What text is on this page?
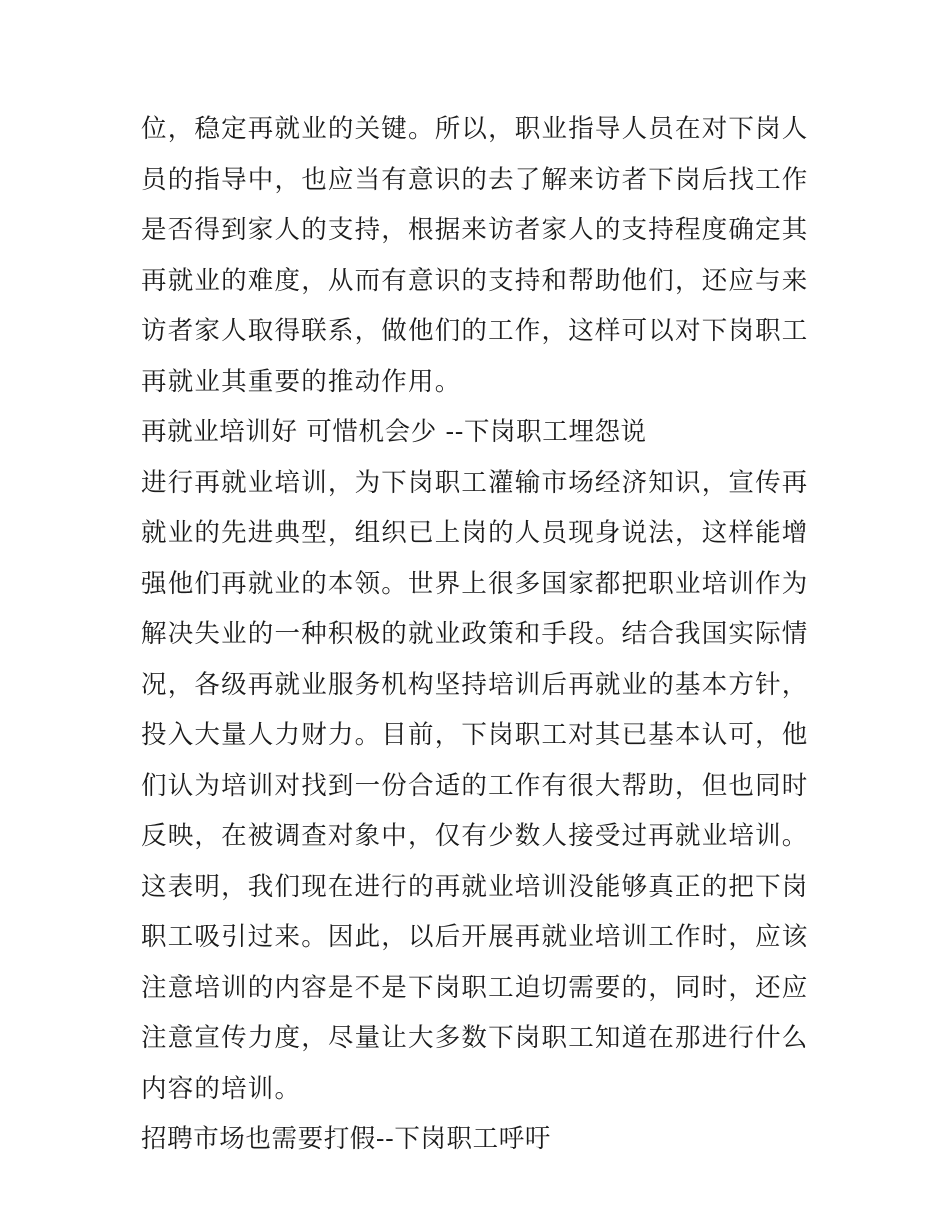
位，稳定再就业的关键。所以，职业指导人员在对下岗人员的指导中，也应当有意识的去了解来访者下岗后找工作是否得到家人的支持，根据来访者家人的支持程度确定其再就业的难度，从而有意识的支持和帮助他们，还应与来访者家人取得联系，做他们的工作，这样可以对下岗职工再就业其重要的推动作用。

再就业培训好 可惜机会少 --下岗职工埋怨说

进行再就业培训，为下岗职工灌输市场经济知识，宣传再就业的先进典型，组织已上岗的人员现身说法，这样能增强他们再就业的本领。世界上很多国家都把职业培训作为解决失业的一种积极的就业政策和手段。结合我国实际情况，各级再就业服务机构坚持培训后再就业的基本方针，投入大量人力财力。目前，下岗职工对其已基本认可，他们认为培训对找到一份合适的工作有很大帮助，但也同时反映，在被调查对象中，仅有少数人接受过再就业培训。这表明，我们现在进行的再就业培训没能够真正的把下岗职工吸引过来。因此，以后开展再就业培训工作时，应该注意培训的内容是不是下岗职工迫切需要的，同时，还应注意宣传力度，尽量让大多数下岗职工知道在那进行什么内容的培训。

招聘市场也需要打假--下岗职工呼吁
